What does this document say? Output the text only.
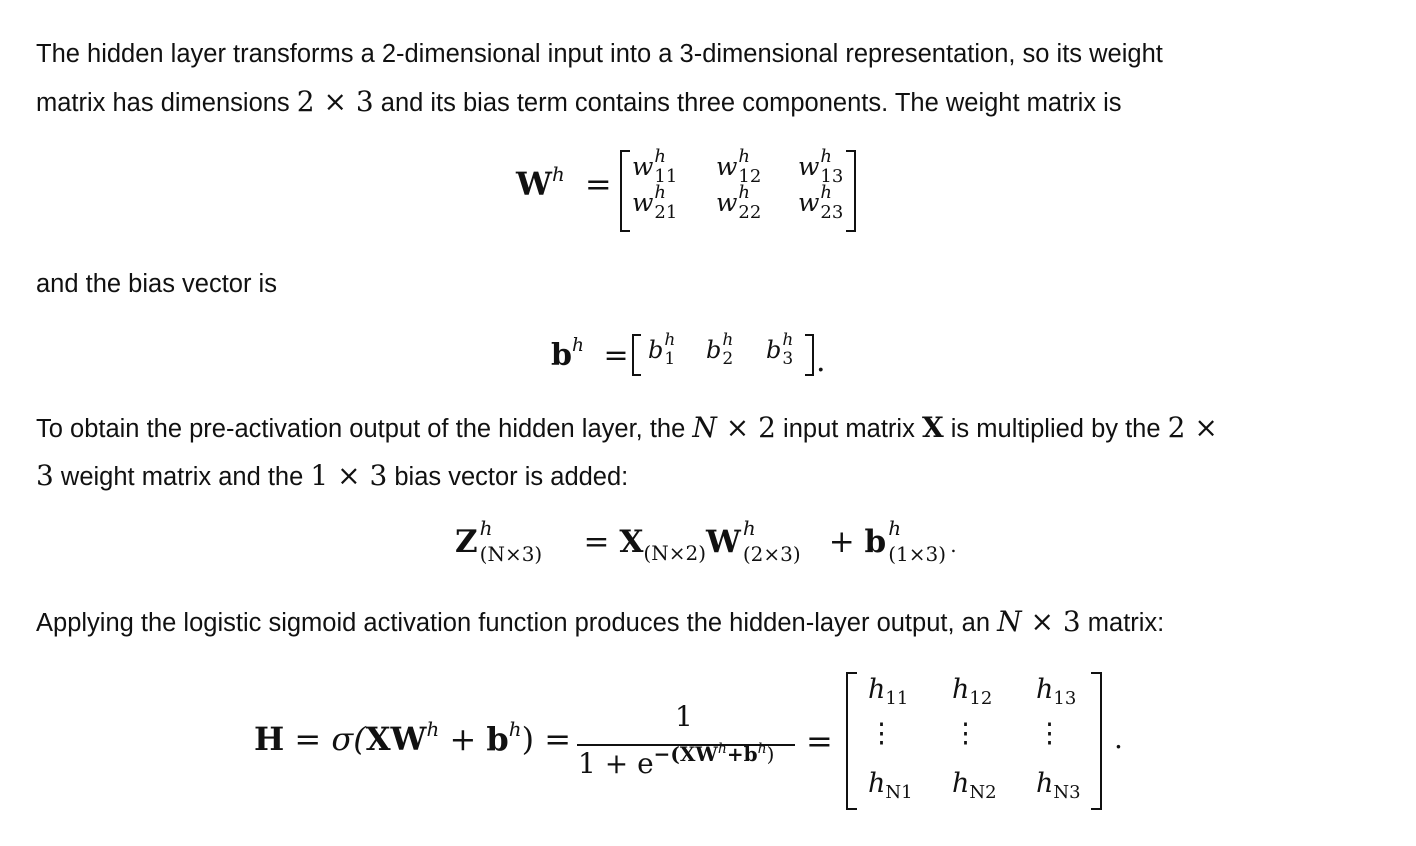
The hidden layer transforms a 2-dimensional input into a 3-dimensional representation, so its weight

matrix has dimensions 2 × 3 and its bias term contains three components. The weight matrix is

$W^h = w$ h
11 w h
12 w h
13
w h
21 w h
22 w h
23

and the bias vector is

$b^h = b$ h
1 b h
2 b h
3 .

To obtain the pre-activation output of the hidden layer, the N × 2 input matrix X is multiplied by the 2 ×

3 weight matrix and the 1 × 3 bias vector is added:

Z h
$(N\times 3) = X_{(N\times 2)}W$ h
(2×3) + b h
(1×3) .

Applying the logistic sigmoid activation function produces the hidden-layer output, an N × 3 matrix:

$H = \sigma(XW^h + b^h)$ =
1
$1 + e^{-(XW^h+b^h)}$ =
$h_{11}$ $h_{12}$ $h_{13}$
⋮ ⋮ ⋮
$h_{N1}$ $h_{N2}$ $h_{N3}$
.
